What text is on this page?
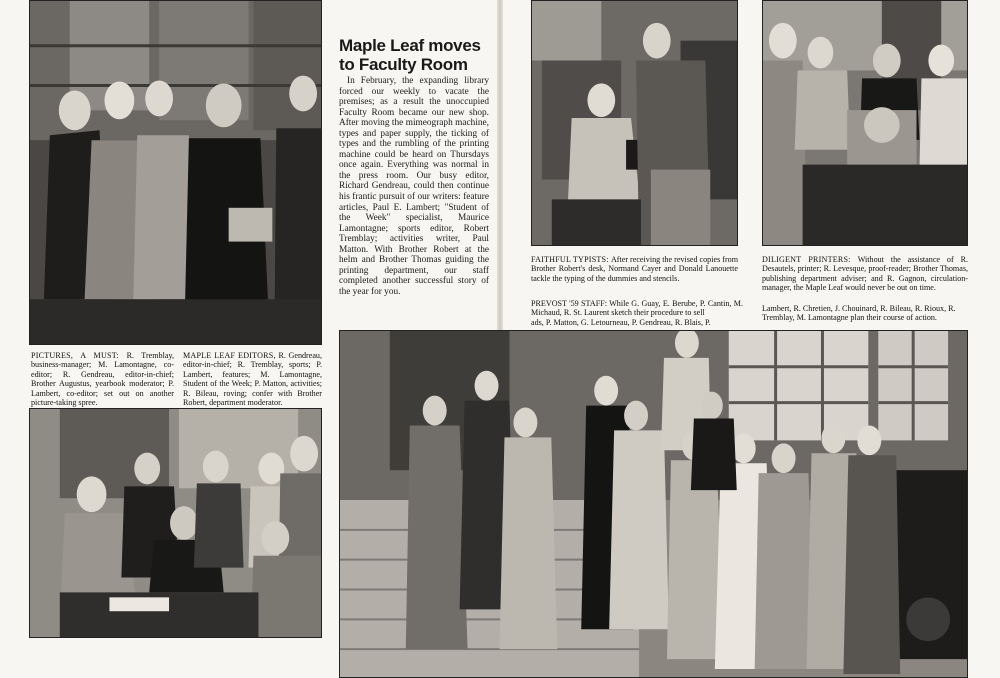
Maple Leaf moves
to Faculty Room
In February, the expanding library forced our weekly to vacate the premises; as a result the unoccupied Faculty Room became our new shop. After moving the mimeograph machine, types and paper supply, the ticking of types and the rumbling of the printing machine could be heard on Thursdays once again. Everything was normal in the press room. Our busy editor, Richard Gendreau, could then continue his frantic pursuit of our writers: feature articles, Paul E. Lambert; "Student of the Week" specialist, Maurice Lamontagne; sports editor, Robert Tremblay; activities writer, Paul Matton. With Brother Robert at the helm and Brother Thomas guiding the printing department, our staff completed another successful story of the year for you.
PICTURES, A MUST: R. Tremblay, business-manager; M. Lamontagne, co-editor; R. Gendreau, editor-in-chief; Brother Augustus, yearbook moderator; P. Lambert, co-editor; set out on another picture-taking spree.
MAPLE LEAF EDITORS, R. Gendreau, editor-in-chief; R. Tremblay, sports; P. Lambert, features; M. Lamontagne, Student of the Week; P. Matton, activities; R. Bileau, roving; confer with Brother Robert, department moderator.
FAITHFUL TYPISTS: After receiving the revised copies from Brother Robert's desk, Normand Cayer and Donald Lanouette tackle the typing of the dummies and stencils.
DILIGENT PRINTERS: Without the assistance of R. Desautels, printer; R. Levesque, proof-reader; Brother Thomas, publishing department adviser; and R. Gagnon, circulation-manager, the Maple Leaf would never be out on time.
PREVOST '59 STAFF: While G. Guay, E. Berube, P. Cantin, M. Michaud, R. St. Laurent sketch their procedure to sell
ads, P. Matton, G. Letourneau, P. Gendreau, R. Blais, P.
Lambert, R. Chretien, J. Chouinard, R. Bileau, R. Rioux, R.
Tremblay, M. Lamontagne plan their course of action.
